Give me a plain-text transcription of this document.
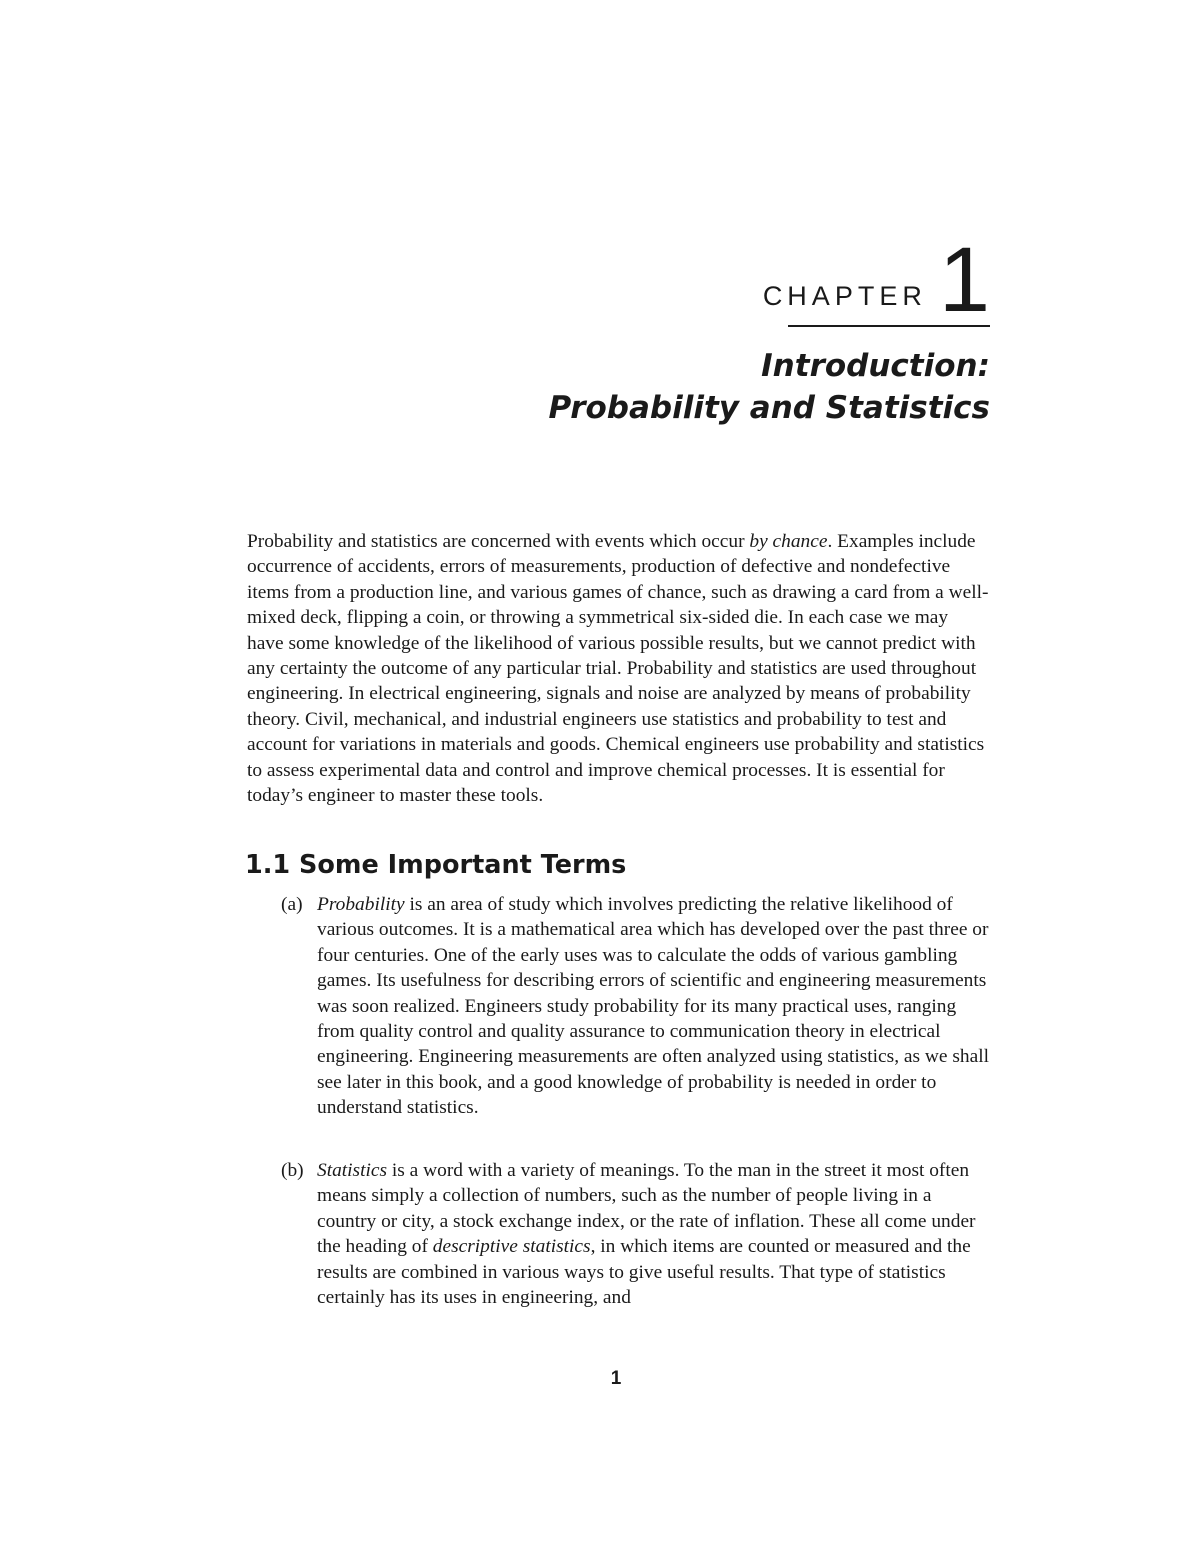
CHAPTER 1
Introduction:
Probability and Statistics

Probability and statistics are concerned with events which occur by chance. Examples include occurrence of accidents, errors of measurements, production of defective and nondefective items from a production line, and various games of chance, such as drawing a card from a well-mixed deck, flipping a coin, or throwing a symmetrical six-sided die. In each case we may have some knowledge of the likelihood of various possible results, but we cannot predict with any certainty the outcome of any particular trial. Probability and statistics are used throughout engineering. In electrical engineering, signals and noise are analyzed by means of probability theory. Civil, mechanical, and industrial engineers use statistics and probability to test and account for variations in materials and goods. Chemical engineers use probability and statistics to assess experimental data and control and improve chemical processes. It is essential for today’s engineer to master these tools.

1.1 Some Important Terms

(a) Probability is an area of study which involves predicting the relative likelihood of various outcomes. It is a mathematical area which has developed over the past three or four centuries. One of the early uses was to calculate the odds of various gambling games. Its usefulness for describing errors of scientific and engineering measurements was soon realized. Engineers study probability for its many practical uses, ranging from quality control and quality assurance to communication theory in electrical engineering. Engineering measurements are often analyzed using statistics, as we shall see later in this book, and a good knowledge of probability is needed in order to understand statistics.

(b) Statistics is a word with a variety of meanings. To the man in the street it most often means simply a collection of numbers, such as the number of people living in a country or city, a stock exchange index, or the rate of inflation. These all come under the heading of descriptive statistics, in which items are counted or measured and the results are combined in various ways to give useful results. That type of statistics certainly has its uses in engineering, and

1
